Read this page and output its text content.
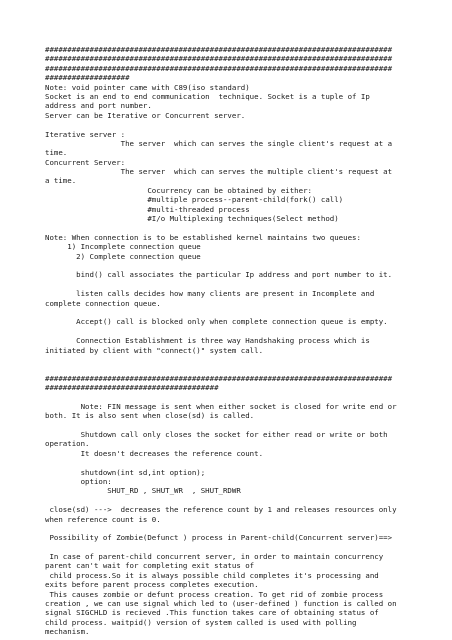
##############################################################################
##############################################################################
##############################################################################
###################
Note: void pointer came with C89(iso standard)
Socket is an end to end communication  technique. Socket is a tuple of Ip
address and port number.
Server can be Iterative or Concurrent server.
Iterative server :
The server  which can serves the single client's request at a
time.
Concurrent Server:
The server  which can serves the multiple client's request at
a time.
Cocurrency can be obtained by either:
#multiple process--parent-child(fork() call)
#multi-threaded process
#I/o Multiplexing techniques(Select method)
Note: When connection is to be established kernel maintains two queues:
1) Incomplete connection queue
2) Complete connection queue
bind() call associates the particular Ip address and port number to it.
listen calls decides how many clients are present in Incomplete and
complete connection queue.
Accept() call is blocked only when complete connection queue is empty.
Connection Establishment is three way Handshaking process which is
initiated by client with "connect()" system call.
##############################################################################
#######################################
Note: FIN message is sent when either socket is closed for write end or
both. It is also sent when close(sd) is called.
Shutdown call only closes the socket for either read or write or both
operation.
It doesn't decreases the reference count.
shutdown(int sd,int option);
option:
SHUT_RD , SHUT_WR  , SHUT_RDWR
close(sd) --->  decreases the reference count by 1 and releases resources only
when reference count is 0.
Possibility of Zombie(Defunct ) process in Parent-child(Concurrent server)==>
In case of parent-child concurrent server, in order to maintain concurrency
parent can't wait for completing exit status of
child process.So it is always possible child completes it's processing and
exits before parent process completes execution.
This causes zombie or defunt process creation. To get rid of zombie process
creation , we can use signal which led to (user-defined ) function is called on
signal SIGCHLD is recieved .This function takes care of obtaining status of
child process. waitpid() version of system called is used with polling
mechanism.
